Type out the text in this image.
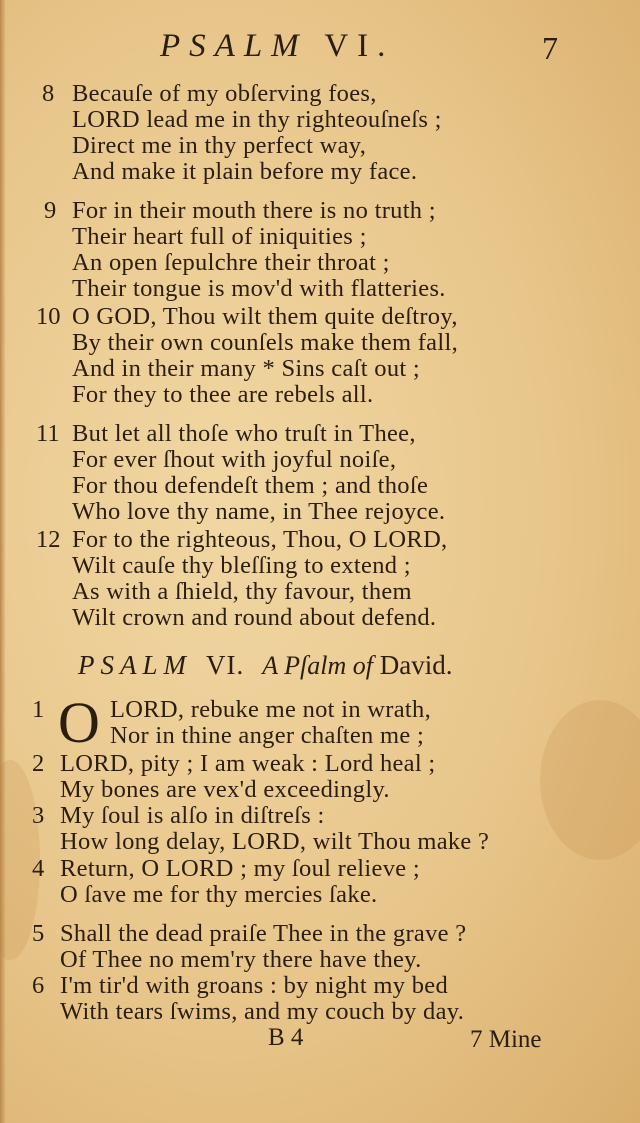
PSALM VI.	7
8 Becauſe of my obſerving foes,
LORD lead me in thy righteouſneſs ;
Direct me in thy perfect way,
And make it plain before my face.
9 For in their mouth there is no truth ;
Their heart full of iniquities ;
An open ſepulchre their throat ;
Their tongue is mov'd with flatteries.
10 O GOD, Thou wilt them quite deſtroy,
By their own counſels make them fall,
And in their many * Sins caſt out ;
For they to thee are rebels all.
11 But let all thoſe who truſt in Thee,
For ever ſhout with joyful noiſe,
For thou defendeſt them ; and thoſe
Who love thy name, in Thee rejoyce.
12 For to the righteous, Thou, O LORD,
Wilt cauſe thy bleſſing to extend ;
As with a ſhield, thy favour, them
Wilt crown and round about defend.
PSALM VI. A Pſalm of David.
1 O LORD, rebuke me not in wrath,
Nor in thine anger chaſten me ;
2 LORD, pity ; I am weak : Lord heal ;
My bones are vex'd exceedingly.
3 My ſoul is alſo in diſtreſs :
How long delay, LORD, wilt Thou make ?
4 Return, O LORD ; my ſoul relieve ;
O ſave me for thy mercies ſake.
5 Shall the dead praiſe Thee in the grave ?
Of Thee no mem'ry there have they.
6 I'm tir'd with groans : by night my bed
With tears ſwims, and my couch by day.
B 4	7 Mine
